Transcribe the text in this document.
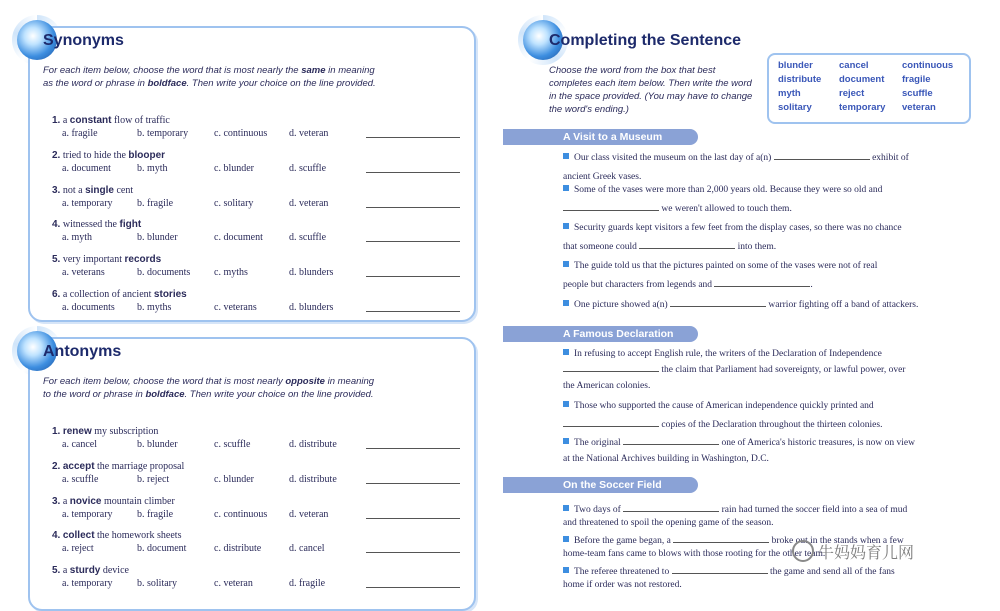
Synonyms
For each item below, choose the word that is most nearly the same in meaning as the word or phrase in boldface. Then write your choice on the line provided.
1. a constant flow of traffic
a. fragile	b. temporary	c. continuous d. veteran
2. tried to hide the blooper
a. document	b. myth	c. blunder	d. scuffle
3. not a single cent
a. temporary b. fragile	c. solitary	d. veteran
4. witnessed the fight
a. myth	b. blunder	c. document	d. scuffle
5. very important records
a. veterans	b. documents c. myths	d. blunders
6. a collection of ancient stories
a. documents b. myths	c. veterans	d. blunders
Antonyms
For each item below, choose the word that is most nearly opposite in meaning to the word or phrase in boldface. Then write your choice on the line provided.
1. renew my subscription
a. cancel	b. blunder	c. scuffle	d. distribute
2. accept the marriage proposal
a. scuffle	b. reject	c. blunder	d. distribute
3. a novice mountain climber
a. temporary b. fragile	c. continuous d. veteran
4. collect the homework sheets
a. reject	b. document	c. distribute	d. cancel
5. a sturdy device
a. temporary b. solitary	c. veteran	d. fragile
Completing the Sentence
Choose the word from the box that best completes each item below. Then write the word in the space provided. (You may have to change the word's ending.)
blunder	cancel	continuous
distribute document fragile
myth	reject	scuffle
solitary	temporary veteran
A Visit to a Museum
Our class visited the museum on the last day of a(n)	exhibit of
ancient Greek vases.
Some of the vases were more than 2,000 years old. Because they were so old and
we weren't allowed to touch them.
Security guards kept visitors a few feet from the display cases, so there was no chance
that someone could	into them.
The guide told us that the pictures painted on some of the vases were not of real
people but characters from legends and	.
One picture showed a(n)	warrior fighting off a band of attackers.
A Famous Declaration
In refusing to accept English rule, the writers of the Declaration of Independence
the claim that Parliament had sovereignty, or lawful power, over
the American colonies.
Those who supported the cause of American independence quickly printed and
copies of the Declaration throughout the thirteen colonies.
The original	one of America's historic treasures, is now on view
at the National Archives building in Washington, D.C.
On the Soccer Field
Two days of	rain had turned the soccer field into a sea of mud
and threatened to spoil the opening game of the season.
Before the game began, a	broke out in the stands when a few
home-team fans came to blows with those rooting for the other team.
The referee threatened to	the game and send all of the fans
home if order was not restored.
牛妈妈育儿网
